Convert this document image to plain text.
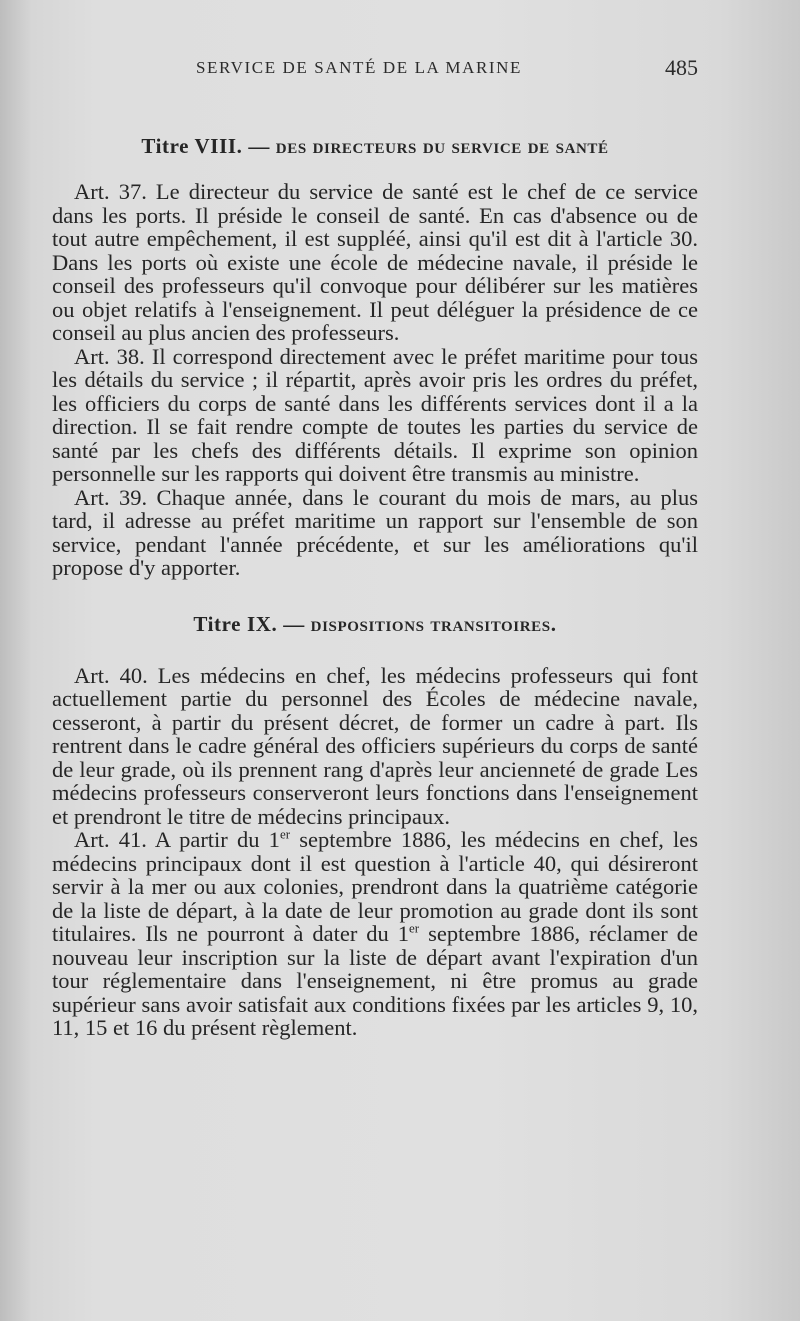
SERVICE DE SANTÉ DE LA MARINE	485
Titre VIII. — des directeurs du service de santé

Art. 37. Le directeur du service de santé est le chef de ce service dans les ports. Il préside le conseil de santé. En cas d'absence ou de tout autre empêchement, il est suppléé, ainsi qu'il est dit à l'article 30. Dans les ports où existe une école de médecine navale, il préside le conseil des professeurs qu'il convoque pour délibérer sur les matières ou objet relatifs à l'enseignement. Il peut déléguer la présidence de ce conseil au plus ancien des professeurs.

Art. 38. Il correspond directement avec le préfet maritime pour tous les détails du service ; il répartit, après avoir pris les ordres du préfet, les officiers du corps de santé dans les différents services dont il a la direction. Il se fait rendre compte de toutes les parties du service de santé par les chefs des différents détails. Il exprime son opinion personnelle sur les rapports qui doivent être transmis au ministre.

Art. 39. Chaque année, dans le courant du mois de mars, au plus tard, il adresse au préfet maritime un rapport sur l'ensemble de son service, pendant l'année précédente, et sur les améliorations qu'il propose d'y apporter.

Titre IX. — dispositions transitoires.

Art. 40. Les médecins en chef, les médecins professeurs qui font actuellement partie du personnel des Écoles de médecine navale, cesseront, à partir du présent décret, de former un cadre à part. Ils rentrent dans le cadre général des officiers supérieurs du corps de santé de leur grade, où ils prennent rang d'après leur ancienneté de grade Les médecins professeurs conserveront leurs fonctions dans l'enseignement et prendront le titre de médecins principaux.

Art. 41. A partir du 1er septembre 1886, les médecins en chef, les médecins principaux dont il est question à l'article 40, qui désireront servir à la mer ou aux colonies, prendront dans la quatrième catégorie de la liste de départ, à la date de leur promotion au grade dont ils sont titulaires. Ils ne pourront à dater du 1er septembre 1886, réclamer de nouveau leur inscription sur la liste de départ avant l'expiration d'un tour réglementaire dans l'enseignement, ni être promus au grade supérieur sans avoir satisfait aux conditions fixées par les articles 9, 10, 11, 15 et 16 du présent règlement.
